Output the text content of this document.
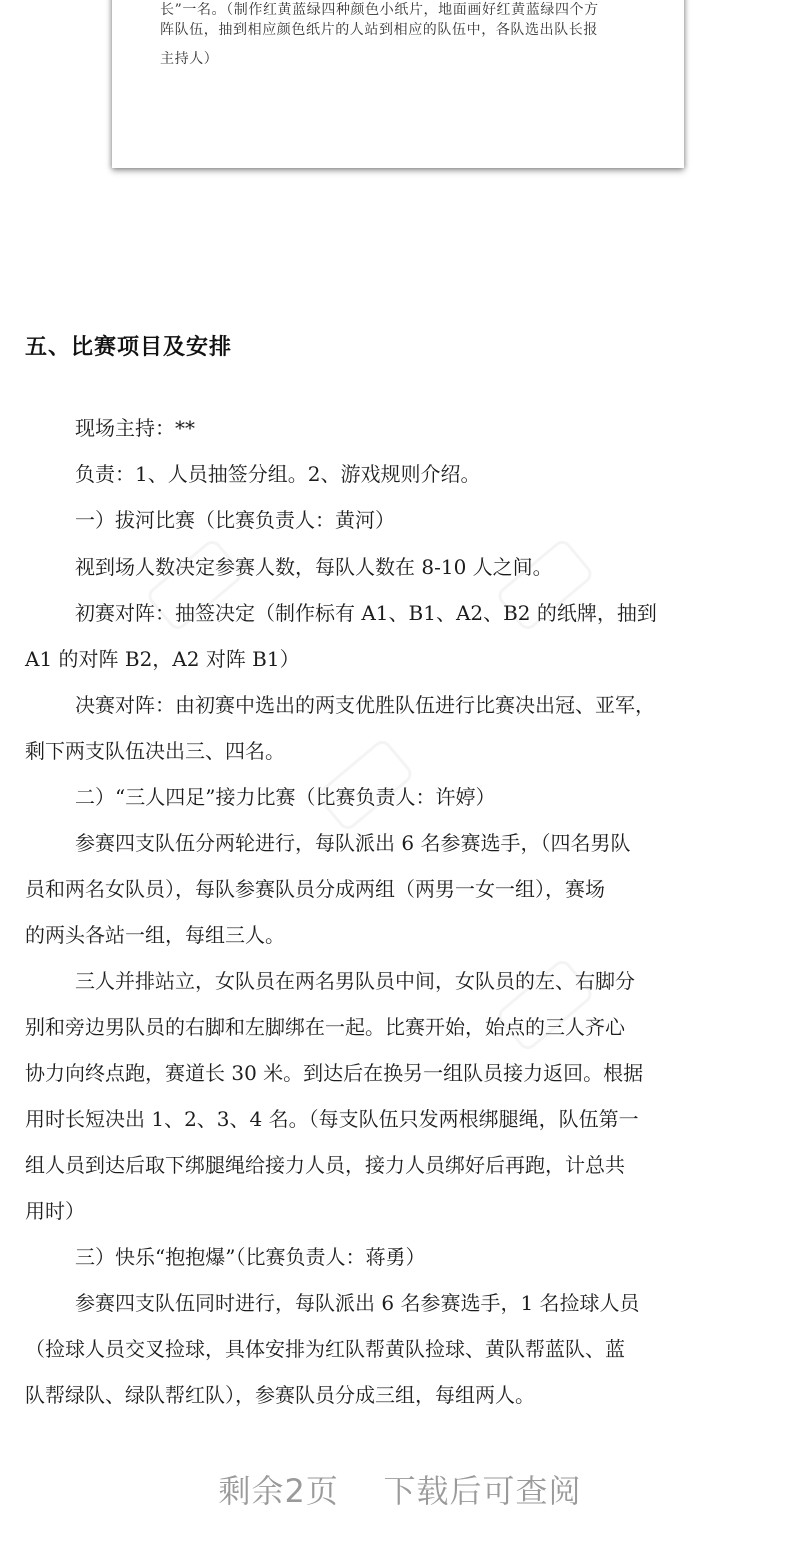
长”一名。（制作红黄蓝绿四种颜色小纸片，地面画好红黄蓝绿四个方
阵队伍，抽到相应颜色纸片的人站到相应的队伍中，各队选出队长报
主持人）
五、比赛项目及安排
现场主持：**
负责：1、人员抽签分组。2、游戏规则介绍。
一）拔河比赛（比赛负责人：黄河）
视到场人数决定参赛人数，每队人数在 8-10 人之间。
初赛对阵：抽签决定（制作标有 A1、B1、A2、B2 的纸牌，抽到
A1 的对阵 B2，A2 对阵 B1）
决赛对阵：由初赛中选出的两支优胜队伍进行比赛决出冠、亚军，
剩下两支队伍决出三、四名。
二）“三人四足”接力比赛（比赛负责人：许婷）
参赛四支队伍分两轮进行，每队派出 6 名参赛选手，（四名男队
员和两名女队员），每队参赛队员分成两组（两男一女一组），赛场
的两头各站一组，每组三人。
三人并排站立，女队员在两名男队员中间，女队员的左、右脚分
别和旁边男队员的右脚和左脚绑在一起。比赛开始，始点的三人齐心
协力向终点跑，赛道长 30 米。到达后在换另一组队员接力返回。根据
用时长短决出 1、2、3、4 名。（每支队伍只发两根绑腿绳，队伍第一
组人员到达后取下绑腿绳给接力人员，接力人员绑好后再跑，计总共
用时）
三）快乐“抱抱爆”（比赛负责人：蒋勇）
参赛四支队伍同时进行，每队派出 6 名参赛选手，1 名捡球人员
（捡球人员交叉捡球，具体安排为红队帮黄队捡球、黄队帮蓝队、蓝
队帮绿队、绿队帮红队），参赛队员分成三组，每组两人。
剩余2页 下载后可查阅
